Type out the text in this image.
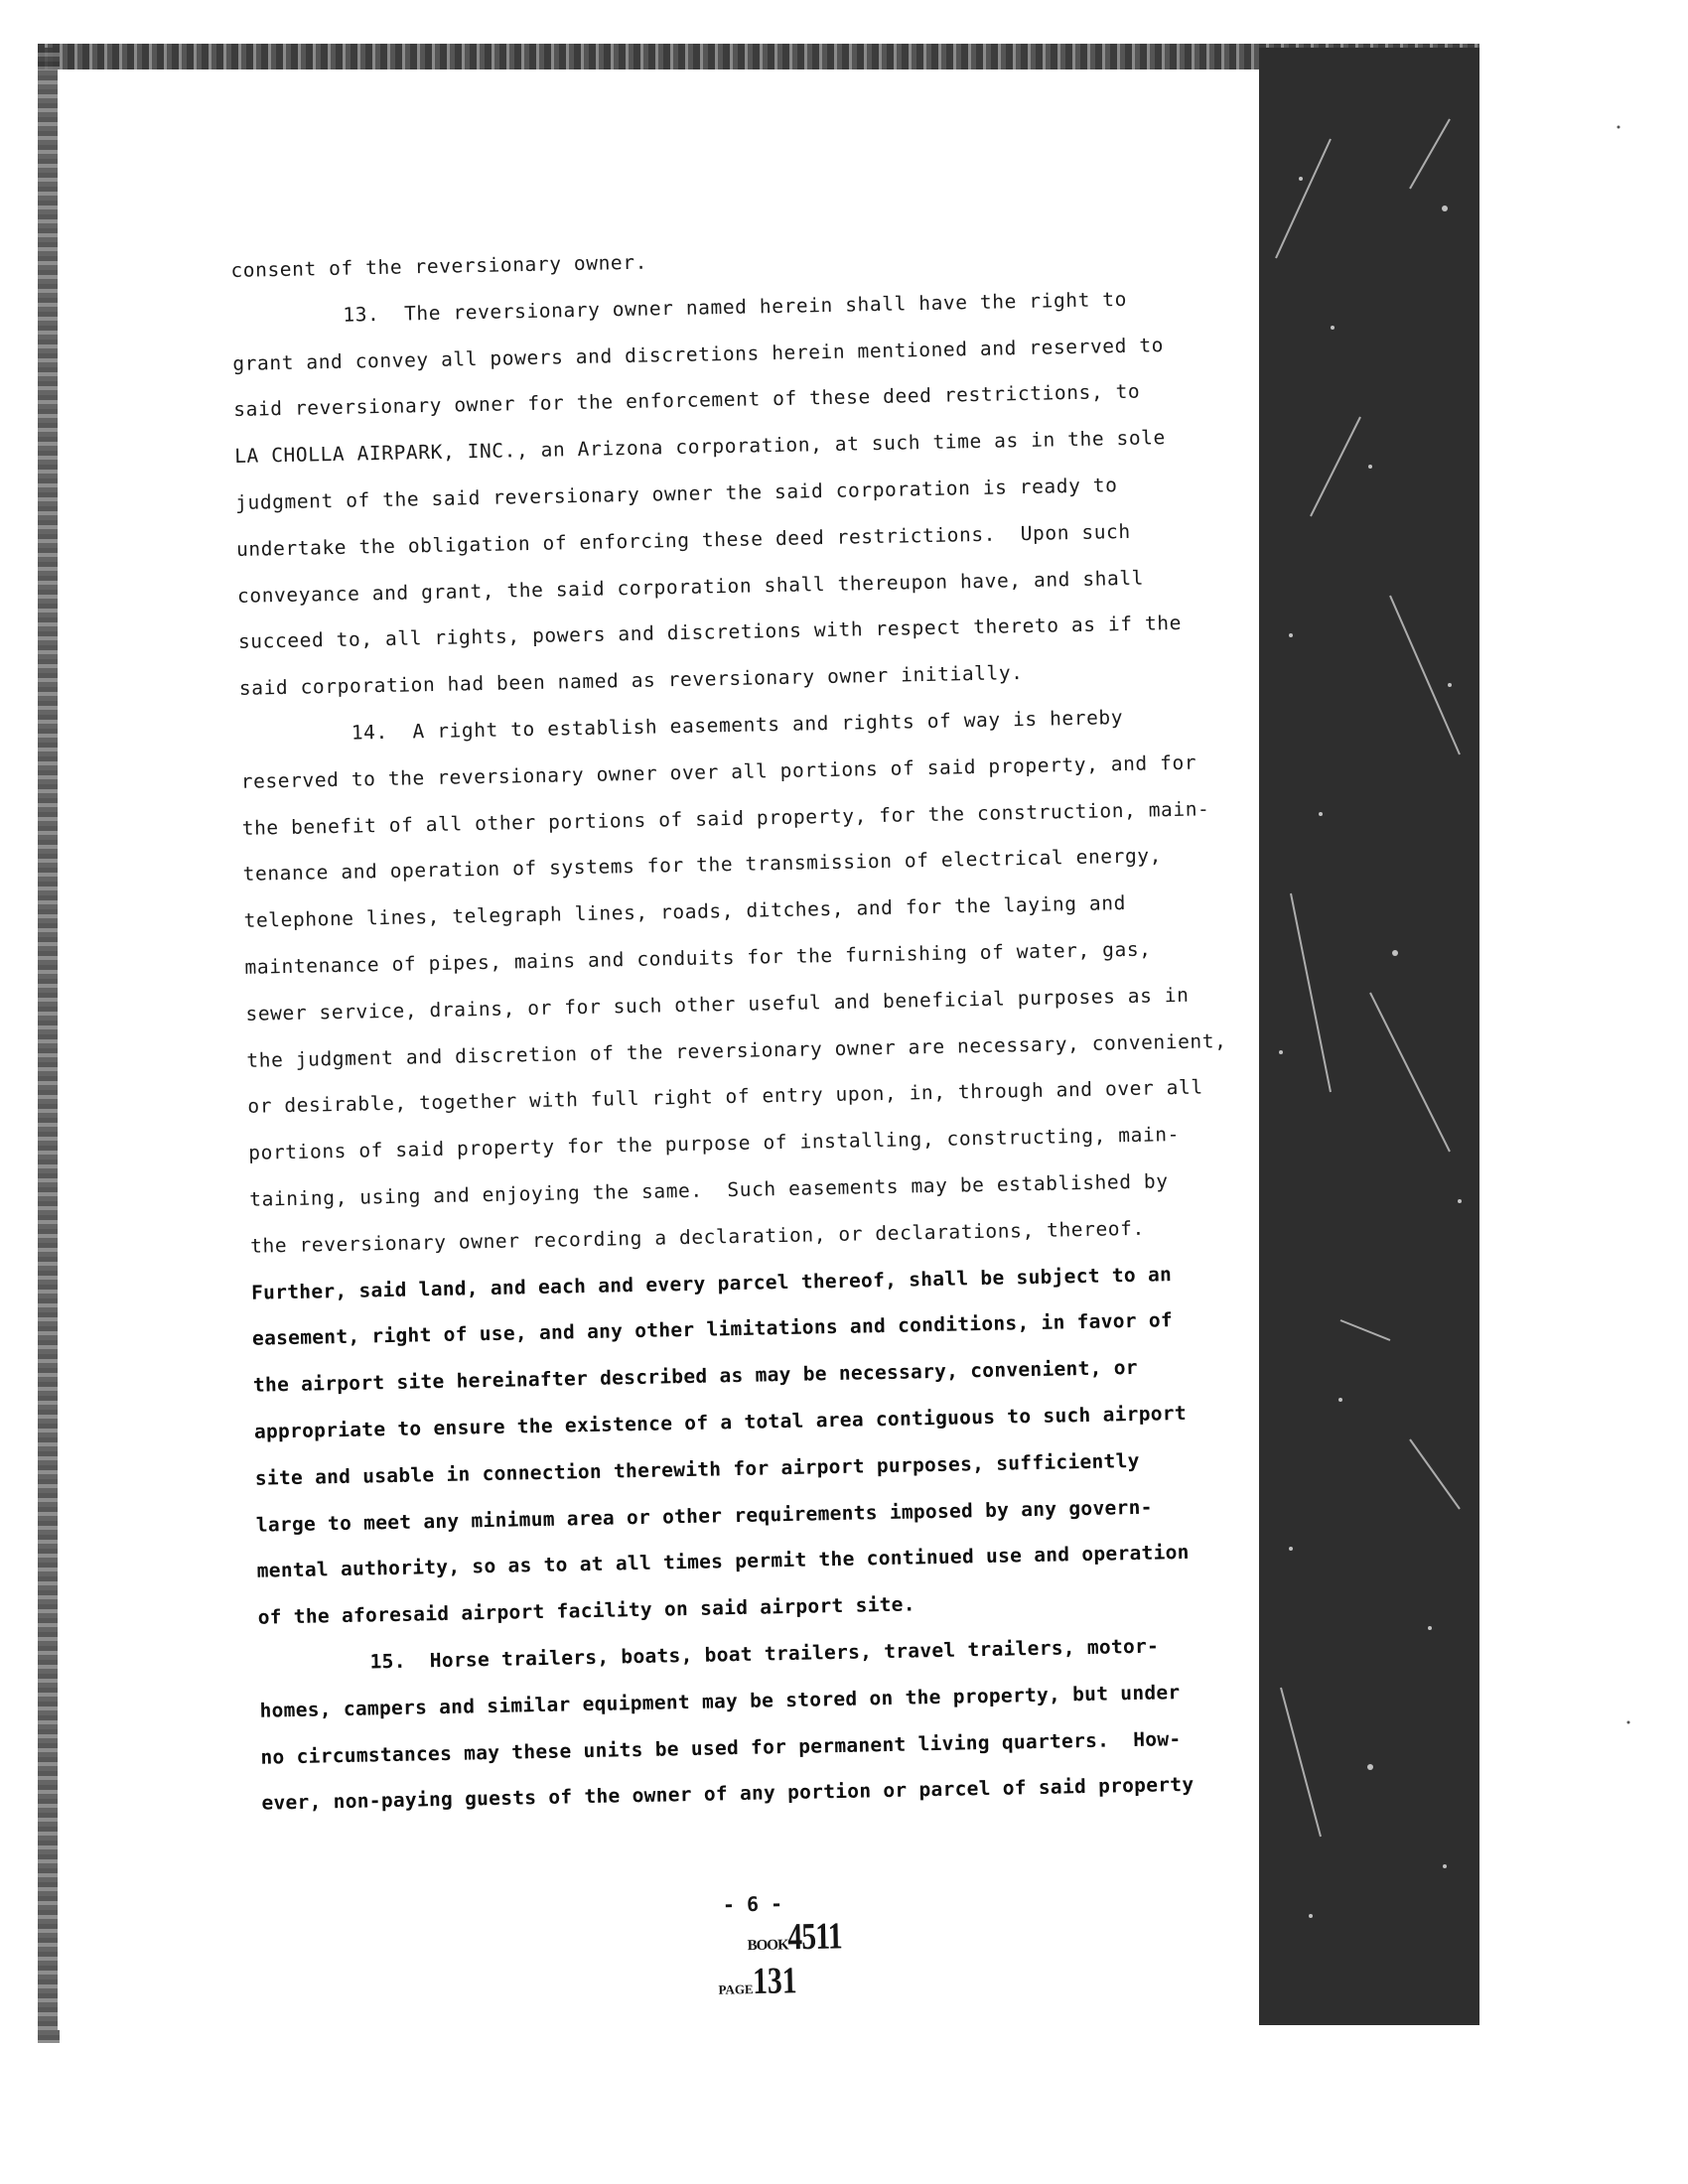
consent of the reversionary owner.
13.  The reversionary owner named herein shall have the right to
grant and convey all powers and discretions herein mentioned and reserved to
said reversionary owner for the enforcement of these deed restrictions, to
LA CHOLLA AIRPARK, INC., an Arizona corporation, at such time as in the sole
judgment of the said reversionary owner the said corporation is ready to
undertake the obligation of enforcing these deed restrictions.  Upon such
conveyance and grant, the said corporation shall thereupon have, and shall
succeed to, all rights, powers and discretions with respect thereto as if the
said corporation had been named as reversionary owner initially.
14.  A right to establish easements and rights of way is hereby
reserved to the reversionary owner over all portions of said property, and for
the benefit of all other portions of said property, for the construction, main-
tenance and operation of systems for the transmission of electrical energy,
telephone lines, telegraph lines, roads, ditches, and for the laying and
maintenance of pipes, mains and conduits for the furnishing of water, gas,
sewer service, drains, or for such other useful and beneficial purposes as in
the judgment and discretion of the reversionary owner are necessary, convenient,
or desirable, together with full right of entry upon, in, through and over all
portions of said property for the purpose of installing, constructing, main-
taining, using and enjoying the same.  Such easements may be established by
the reversionary owner recording a declaration, or declarations, thereof.
Further, said land, and each and every parcel thereof, shall be subject to an
easement, right of use, and any other limitations and conditions, in favor of
the airport site hereinafter described as may be necessary, convenient, or
appropriate to ensure the existence of a total area contiguous to such airport
site and usable in connection therewith for airport purposes, sufficiently
large to meet any minimum area or other requirements imposed by any govern-
mental authority, so as to at all times permit the continued use and operation
of the aforesaid airport facility on said airport site.
15.  Horse trailers, boats, boat trailers, travel trailers, motor-
homes, campers and similar equipment may be stored on the property, but under
no circumstances may these units be used for permanent living quarters.  How-
ever, non-paying guests of the owner of any portion or parcel of said property

- 6 -
BOOK4511
PAGE131
